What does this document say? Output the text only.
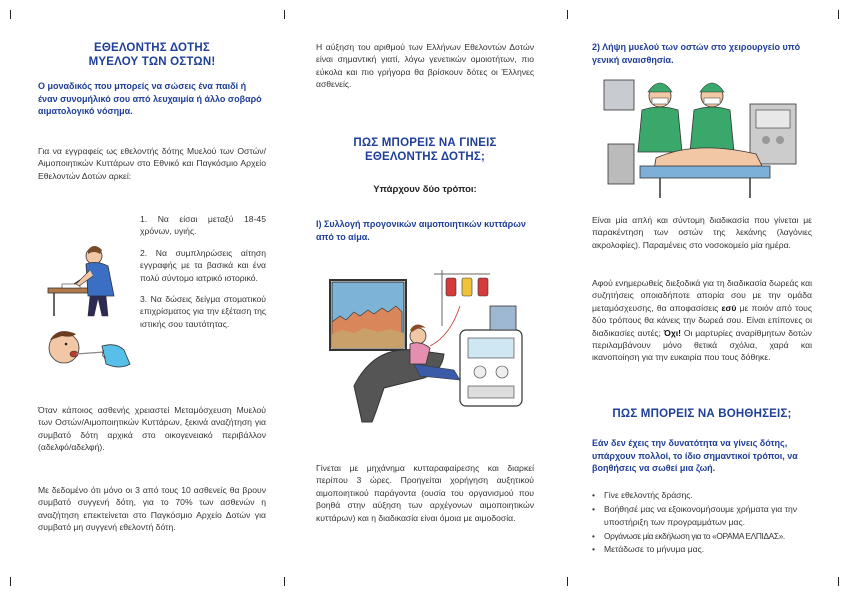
ΕΘΕΛΟΝΤΗΣ ΔΟΤΗΣ
ΜΥΕΛΟΥ ΤΩΝ ΟΣΤΩΝ!

Ο μοναδικός που μπορείς να σώσεις ένα παιδί ή έναν συνομήλικό σου από λευχαιμία ή άλλο σοβαρό αιματολογικό νόσημα.

Για να εγγραφείς ως εθελοντής δότης Μυελού των Οστών/Αιμοποιητικών Κυττάρων στο Εθνικό και Παγκόσμιο Αρχείο Εθελοντών Δοτών αρκεί:

1. Να είσαι μεταξύ 18-45 χρόνων, υγιής.

2. Να συμπληρώσεις αίτηση εγγραφής με τα βασικά και ένα πολύ σύντομο ιατρικό ιστορικό.

3. Να δώσεις δείγμα στοματικού επιχρίσματος για την εξέταση της ιστικής σου ταυτότητας.

Όταν κάποιος ασθενής χρειαστεί Μεταμόσχευση Μυελού των Οστών/Αιμοποιητικών Κυττάρων, ξεκινά αναζήτηση για συμβατό δότη αρχικά στο οικογενειακό περιβάλλον (αδελφό/αδελφή).

Με δεδομένο ότι μόνο οι 3 από τους 10 ασθενείς θα βρουν συμβατό συγγενή δότη, για το 70% των ασθενών η αναζήτηση επεκτείνεται στο Παγκόσμιο Αρχείο Δοτών για συμβατό μη συγγενή εθελοντή δότη.

Η αύξηση του αριθμού των Ελλήνων Εθελοντών Δοτών είναι σημαντική γιατί, λόγω γενετικών ομοιοτήτων, πιο εύκολα και πιο γρήγορα θα βρίσκουν δότες οι Έλληνες ασθενείς.

ΠΩΣ ΜΠΟΡΕΙΣ ΝΑ ΓΙΝΕΙΣ
ΕΘΕΛΟΝΤΗΣ ΔΟΤΗΣ;

Υπάρχουν δύο τρόποι:

I) Συλλογή προγονικών αιμοποιητικών κυττάρων από το αίμα.

Γίνεται με μηχάνημα κυτταραφαίρεσης και διαρκεί περίπου 3 ώρες. Προηγείται χορήγηση αυξητικού αιμοποιητικού παράγοντα (ουσία του οργανισμού που βοηθά στην αύξηση των αρχέγονων αιμοποιητικών κυττάρων) και η διαδικασία είναι όμοια με αιμοδοσία.

2) Λήψη μυελού των οστών στο χειρουργείο υπό γενική αναισθησία.

Είναι μία απλή και σύντομη διαδικασία που γίνεται με παρακέντηση των οστών της λεκάνης (λαγόνιες ακρολοφίες). Παραμένεις στο νοσοκομείο μία ημέρα.

Αφού ενημερωθείς διεξοδικά για τη διαδικασία δωρεάς και συζητήσεις οποιαδήποτε απορία σου με την ομάδα μεταμόσχευσης, θα αποφασίσεις εσύ με ποιόν από τους δύο τρόπους θα κάνεις την δωρεά σου. Είναι επίπονες οι διαδικασίες αυτές; Όχι! Οι μαρτυρίες αναρίθμητων δοτών περιλαμβάνουν μόνο θετικά σχόλια, χαρά και ικανοποίηση για την ευκαιρία που τους δόθηκε.

ΠΩΣ ΜΠΟΡΕΙΣ ΝΑ ΒΟΗΘΗΣΕΙΣ;

Εάν δεν έχεις την δυνατότητα να γίνεις δότης, υπάρχουν πολλοί, το ίδιο σημαντικοί τρόποι, να βοηθήσεις να σωθεί μια ζωή.

• Γίνε εθελοντής δράσης.
• Βοήθησέ μας να εξοικονομήσουμε χρήματα για την υποστήριξη των προγραμμάτων μας.
• Οργάνωσε μία εκδήλωση για το «ΟΡΑΜΑ ΕΛΠΙΔΑΣ».
• Μετάδωσε το μήνυμα μας.
